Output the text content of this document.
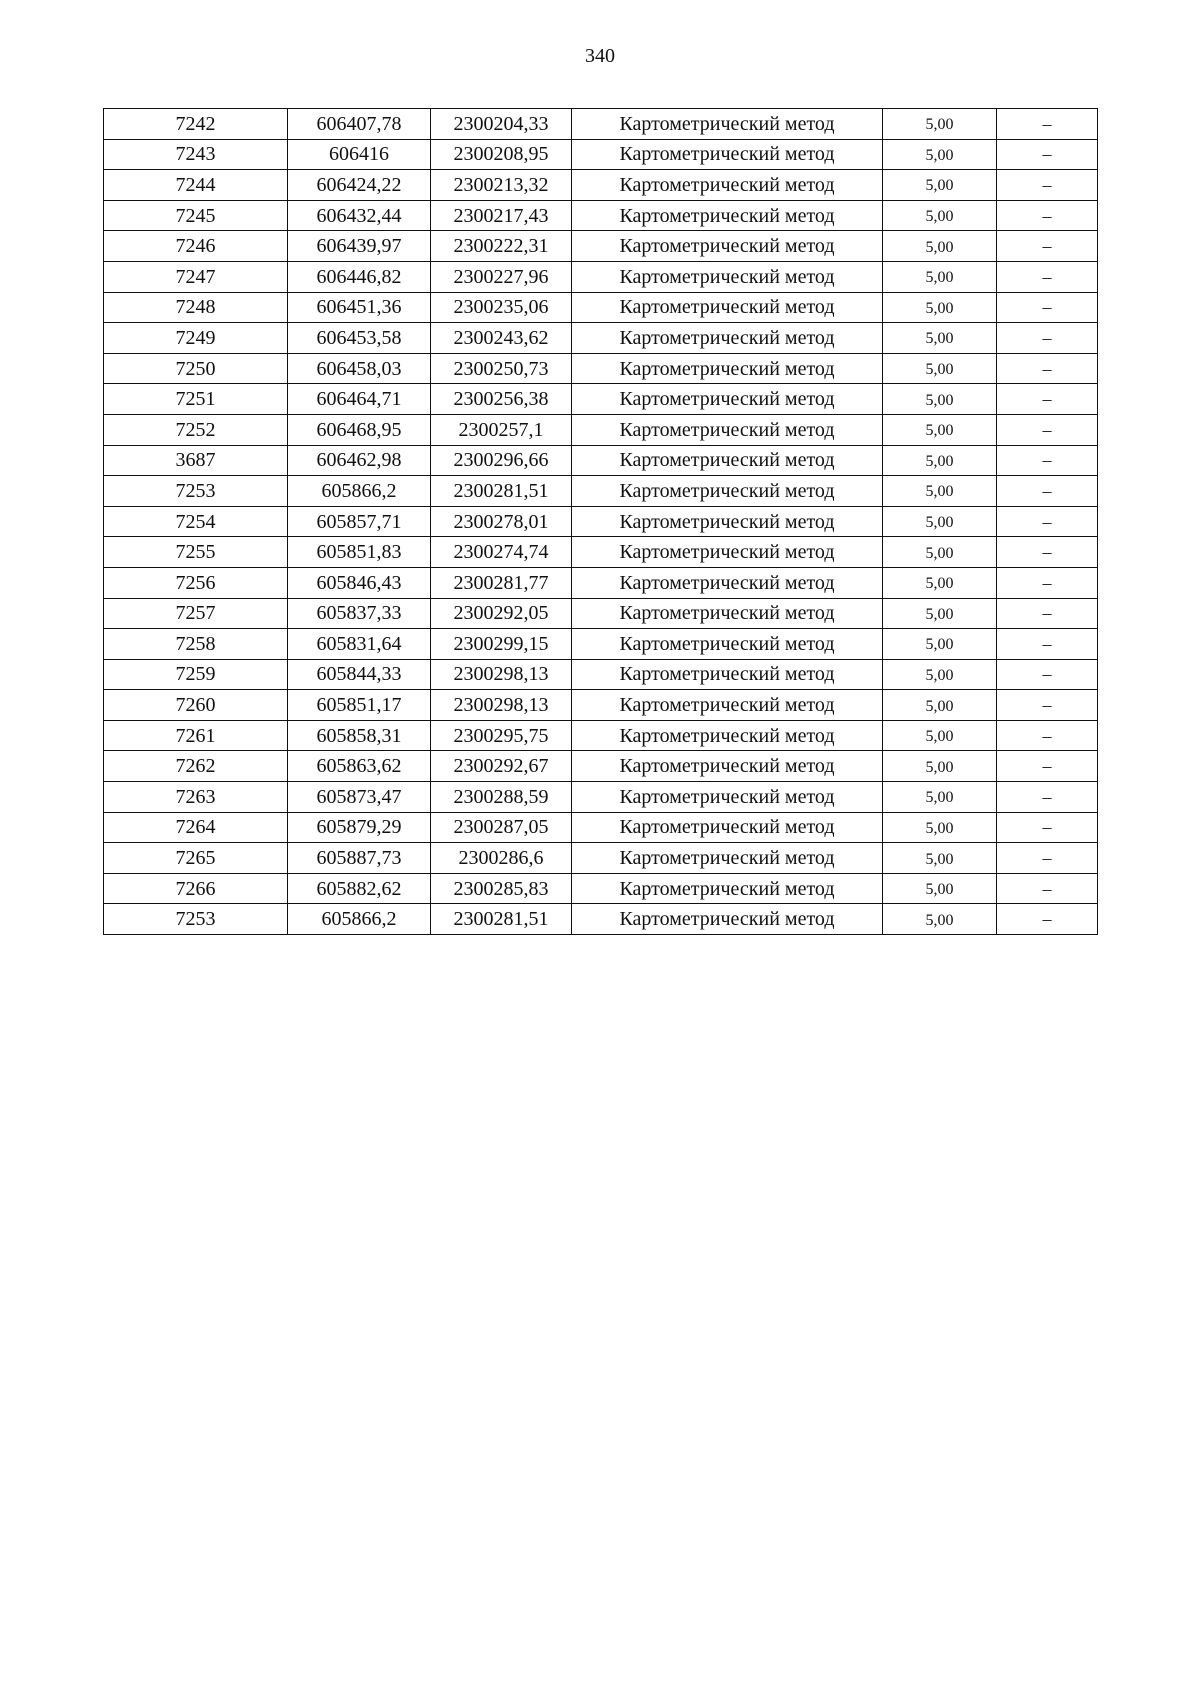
340
7242	606407,78	2300204,33	Картометрический метод	5,00	–
7243	606416	2300208,95	Картометрический метод	5,00	–
7244	606424,22	2300213,32	Картометрический метод	5,00	–
7245	606432,44	2300217,43	Картометрический метод	5,00	–
7246	606439,97	2300222,31	Картометрический метод	5,00	–
7247	606446,82	2300227,96	Картометрический метод	5,00	–
7248	606451,36	2300235,06	Картометрический метод	5,00	–
7249	606453,58	2300243,62	Картометрический метод	5,00	–
7250	606458,03	2300250,73	Картометрический метод	5,00	–
7251	606464,71	2300256,38	Картометрический метод	5,00	–
7252	606468,95	2300257,1	Картометрический метод	5,00	–
3687	606462,98	2300296,66	Картометрический метод	5,00	–
7253	605866,2	2300281,51	Картометрический метод	5,00	–
7254	605857,71	2300278,01	Картометрический метод	5,00	–
7255	605851,83	2300274,74	Картометрический метод	5,00	–
7256	605846,43	2300281,77	Картометрический метод	5,00	–
7257	605837,33	2300292,05	Картометрический метод	5,00	–
7258	605831,64	2300299,15	Картометрический метод	5,00	–
7259	605844,33	2300298,13	Картометрический метод	5,00	–
7260	605851,17	2300298,13	Картометрический метод	5,00	–
7261	605858,31	2300295,75	Картометрический метод	5,00	–
7262	605863,62	2300292,67	Картометрический метод	5,00	–
7263	605873,47	2300288,59	Картометрический метод	5,00	–
7264	605879,29	2300287,05	Картометрический метод	5,00	–
7265	605887,73	2300286,6	Картометрический метод	5,00	–
7266	605882,62	2300285,83	Картометрический метод	5,00	–
7253	605866,2	2300281,51	Картометрический метод	5,00	–
